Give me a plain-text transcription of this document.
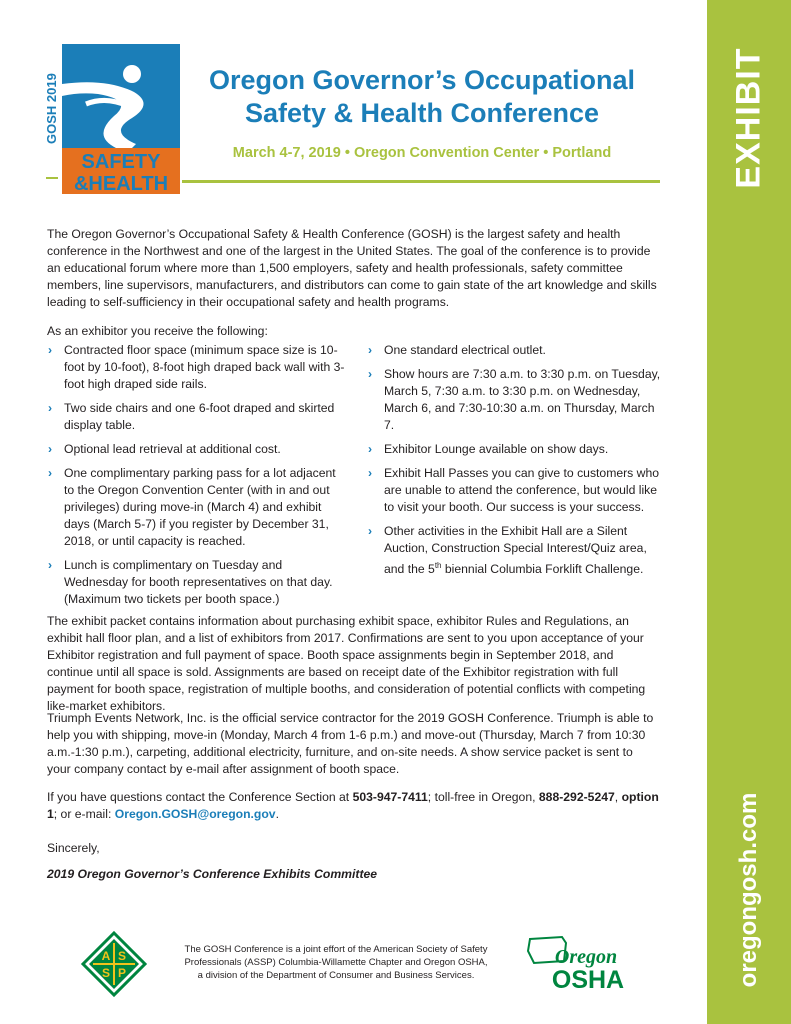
EXHIBIT
oregongosh.com
GOSH 2019
SAFETY
&HEALTH
Oregon Governor’s Occupational
Safety & Health Conference
March 4-7, 2019 • Oregon Convention Center • Portland

The Oregon Governor’s Occupational Safety & Health Conference (GOSH) is the largest safety and health conference in the Northwest and one of the largest in the United States. The goal of the conference is to provide an educational forum where more than 1,500 employers, safety and health professionals, safety committee members, line supervisors, manufacturers, and distributors can come to gain state of the art knowledge and skills leading to self-sufficiency in their occupational safety and health programs.

As an exhibitor you receive the following:

› Contracted floor space (minimum space size is 10-foot by 10-foot), 8-foot high draped back wall with 3-foot high draped side rails.
› Two side chairs and one 6-foot draped and skirted display table.
› Optional lead retrieval at additional cost.
› One complimentary parking pass for a lot adjacent to the Oregon Convention Center (with in and out privileges) during move-in (March 4) and exhibit days (March 5-7) if you register by December 31, 2018, or until capacity is reached.
› Lunch is complimentary on Tuesday and Wednesday for booth representatives on that day. (Maximum two tickets per booth space.)
› One standard electrical outlet.
› Show hours are 7:30 a.m. to 3:30 p.m. on Tuesday, March 5, 7:30 a.m. to 3:30 p.m. on Wednesday, March 6, and 7:30-10:30 a.m. on Thursday, March 7.
› Exhibitor Lounge available on show days.
› Exhibit Hall Passes you can give to customers who are unable to attend the conference, but would like to visit your booth. Our success is your success.
› Other activities in the Exhibit Hall are a Silent Auction, Construction Special Interest/Quiz area, and the 5th biennial Columbia Forklift Challenge.

The exhibit packet contains information about purchasing exhibit space, exhibitor Rules and Regulations, an exhibit hall floor plan, and a list of exhibitors from 2017. Confirmations are sent to you upon acceptance of your Exhibitor registration and full payment of space. Booth space assignments begin in September 2018, and continue until all space is sold. Assignments are based on receipt date of the Exhibitor registration with full payment for booth space, registration of multiple booths, and consideration of potential conflicts with competing like-market exhibitors.

Triumph Events Network, Inc. is the official service contractor for the 2019 GOSH Conference. Triumph is able to help you with shipping, move-in (Monday, March 4 from 1-6 p.m.) and move-out (Thursday, March 7 from 10:30 a.m.-1:30 p.m.), carpeting, additional electricity, furniture, and on-site needs. A show service packet is sent to your company contact by e-mail after assignment of booth space.

If you have questions contact the Conference Section at 503-947-7411; toll-free in Oregon, 888-292-5247, option 1; or e-mail: Oregon.GOSH@oregon.gov.

Sincerely,

2019 Oregon Governor’s Conference Exhibits Committee

A S
S P
The GOSH Conference is a joint effort of the American Society of Safety
Professionals (ASSP) Columbia-Willamette Chapter and Oregon OSHA,
a division of the Department of Consumer and Business Services.
Oregon
OSHA
